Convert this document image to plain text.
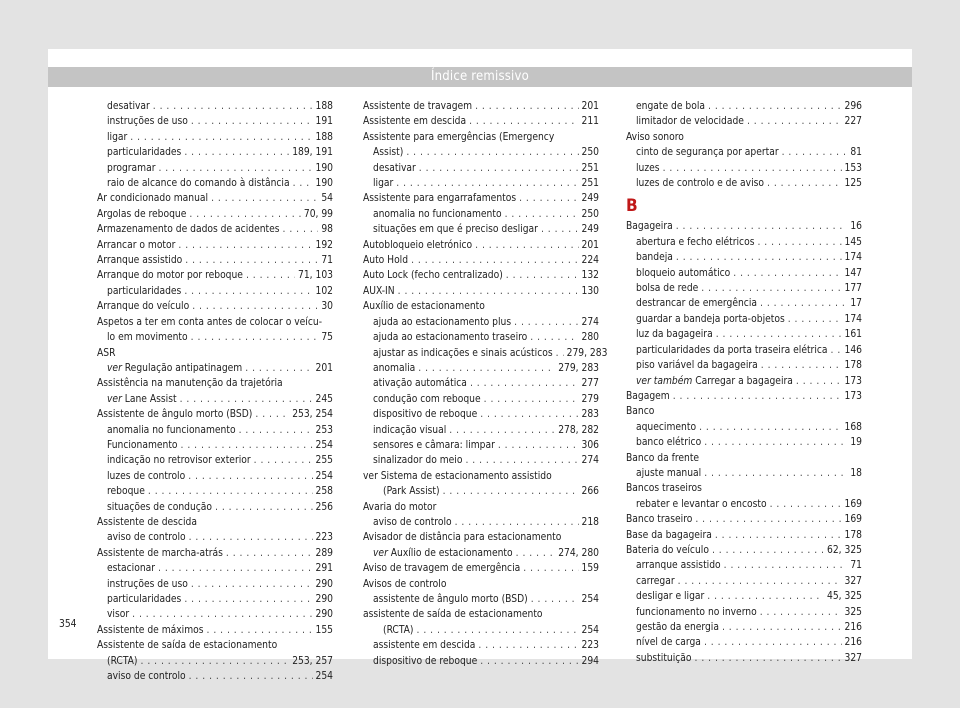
Índice remissivo
desativar . . .	188
instruções de uso . . .	191
ligar . . .	188
particularidades . . .	189, 191
programar . . .	190
raio de alcance do comando à distância . . .	190
Ar condicionado manual . . .	54
Argolas de reboque . . .	70, 99
Armazenamento de dados de acidentes . . .	98
Arrancar o motor . . .	192
Arranque assistido . . .	71
Arranque do motor por reboque . . .	71, 103
particularidades . . .	102
Arranque do veículo . . .	30
Aspetos a ter em conta antes de colocar o veícu-
lo em movimento . . .	75
ASR
ver Regulação antipatinagem . . .	201
Assistência na manutenção da trajetória
ver Lane Assist . . .	245
Assistente de ângulo morto (BSD) . . .	253, 254
anomalia no funcionamento . . .	253
Funcionamento . . .	254
indicação no retrovisor exterior . . .	255
luzes de controlo . . .	254
reboque . . .	258
situações de condução . . .	256
Assistente de descida
aviso de controlo . . .	223
Assistente de marcha-atrás . . .	289
estacionar . . .	291
instruções de uso . . .	290
particularidades . . .	290
visor . . .	290
Assistente de máximos . . .	155
Assistente de saída de estacionamento
(RCTA) . . .	253, 257
aviso de controlo . . .	254
Assistente de travagem . . .	201
Assistente em descida . . .	211
Assistente para emergências (Emergency
Assist) . . .	250
desativar . . .	251
ligar . . .	251
Assistente para engarrafamentos . . .	249
anomalia no funcionamento . . .	250
situações em que é preciso desligar . . .	249
Autobloqueio eletrónico . . .	201
Auto Hold . . .	224
Auto Lock (fecho centralizado) . . .	132
AUX-IN . . .	130
Auxílio de estacionamento
ajuda ao estacionamento plus . . .	274
ajuda ao estacionamento traseiro . . .	280
ajustar as indicações e sinais acústicos . . . 279, 283
anomalia . . .	279, 283
ativação automática . . .	277
condução com reboque . . .	279
dispositivo de reboque . . .	283
indicação visual . . .	278, 282
sensores e câmara: limpar . . .	306
sinalizador do meio . . .	274
ver Sistema de estacionamento assistido
(Park Assist) . . .	266
Avaria do motor
aviso de controlo . . .	218
Avisador de distância para estacionamento
ver Auxílio de estacionamento . . .	274, 280
Aviso de travagem de emergência . . .	159
Avisos de controlo
assistente de ângulo morto (BSD) . . .	254
assistente de saída de estacionamento
(RCTA) . . .	254
assistente em descida . . .	223
dispositivo de reboque . . .	294
engate de bola . . .	296
limitador de velocidade . . .	227
Aviso sonoro
cinto de segurança por apertar . . .	81
luzes . . .	153
luzes de controlo e de aviso . . .	125
B
Bagageira . . .	16
abertura e fecho elétricos . . .	145
bandeja . . .	174
bloqueio automático . . .	147
bolsa de rede . . .	177
destrancar de emergência . . .	17
guardar a bandeja porta-objetos . . .	174
luz da bagageira . . .	161
particularidades da porta traseira elétrica . . . 146
piso variável da bagageira . . .	178
ver também Carregar a bagageira . . .	173
Bagagem . . .	173
Banco
aquecimento . . .	168
banco elétrico . . .	19
Banco da frente
ajuste manual . . .	18
Bancos traseiros
rebater e levantar o encosto . . .	169
Banco traseiro . . .	169
Base da bagageira . . .	178
Bateria do veículo . . .	62, 325
arranque assistido . . .	71
carregar . . .	327
desligar e ligar . . .	45, 325
funcionamento no inverno . . .	325
gestão da energia . . .	216
nível de carga . . .	216
substituição . . .	327
354
